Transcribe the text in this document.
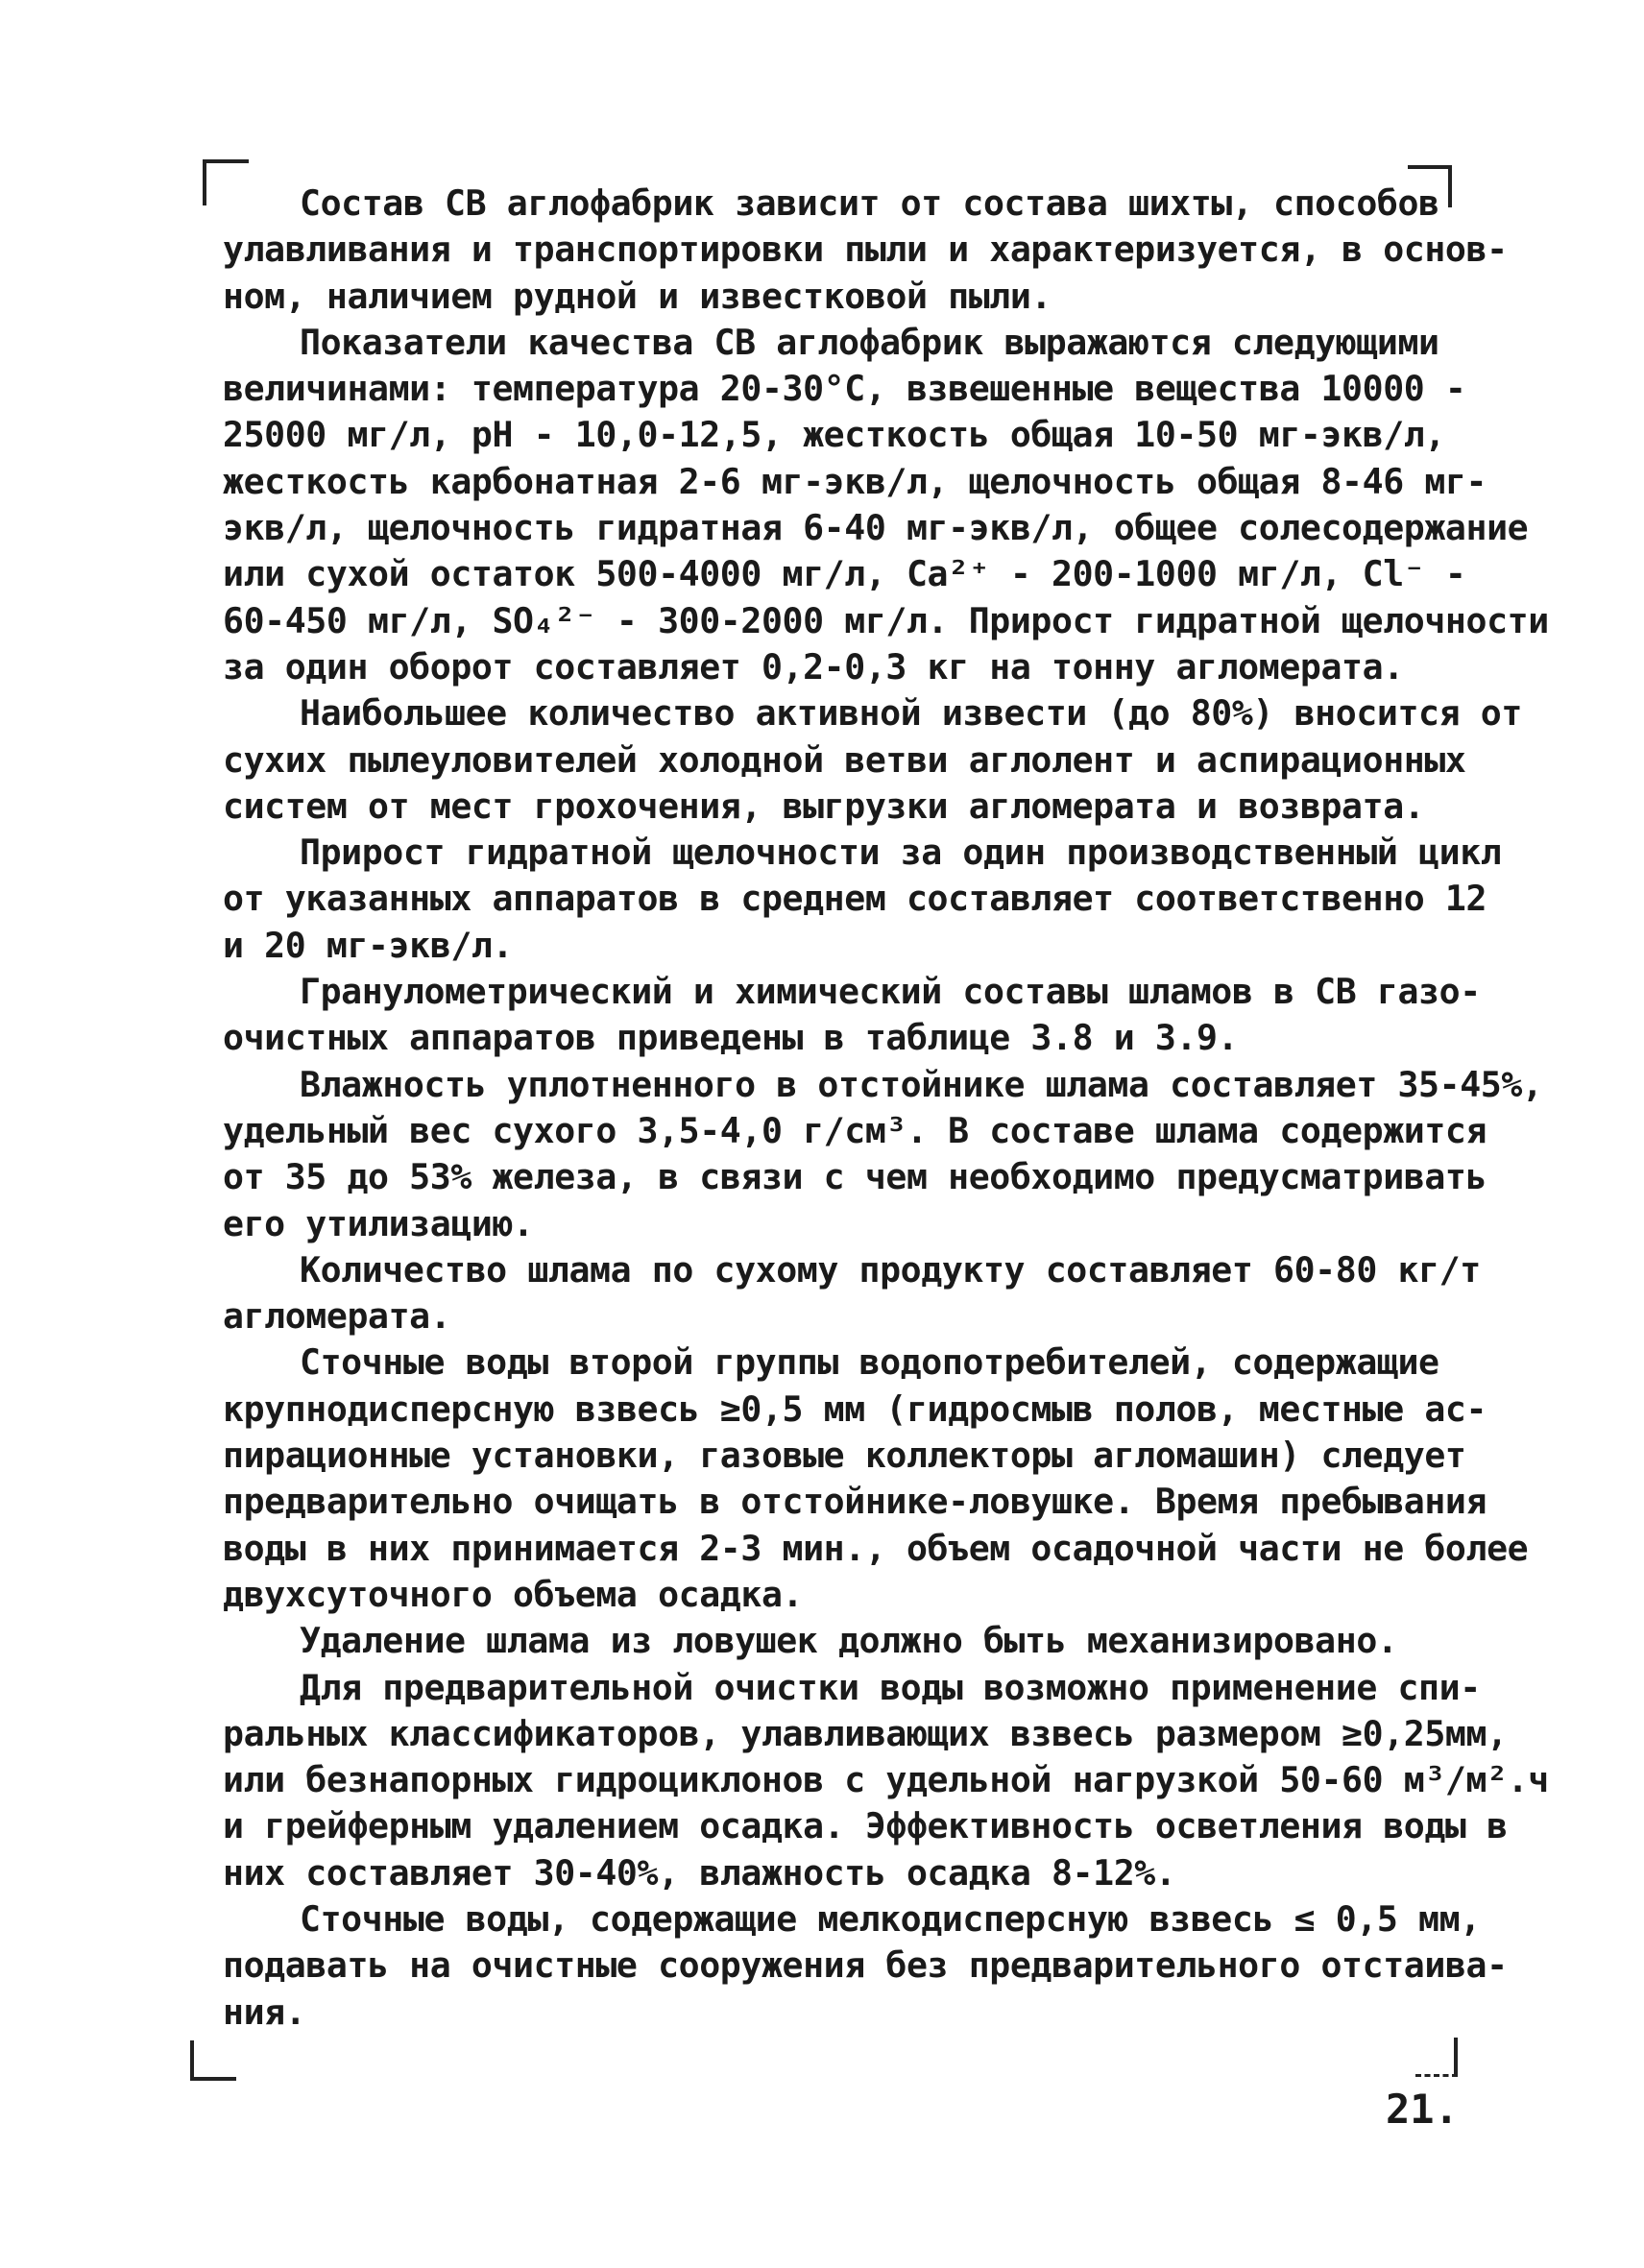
Состав СВ аглофабрик зависит от состава шихты, способов
улавливания и транспортировки пыли и характеризуется, в основ-
ном, наличием рудной и известковой пыли.
Показатели качества СВ аглофабрик выражаются следующими
величинами: температура 20-30°С, взвешенные вещества 10000 -
25000 мг/л, рН - 10,0-12,5, жесткость общая 10-50 мг-экв/л,
жесткость карбонатная 2-6 мг-экв/л, щелочность общая 8-46 мг-
экв/л, щелочность гидратная 6-40 мг-экв/л, общее солесодержание
или сухой остаток 500-4000 мг/л, Са²⁺ - 200-1000 мг/л, Сl⁻ -
60-450 мг/л, SO₄²⁻ - 300-2000 мг/л. Прирост гидратной щелочности
за один оборот составляет 0,2-0,3 кг на тонну агломерата.
Наибольшее количество активной извести (до 80%) вносится от
сухих пылеуловителей холодной ветви аглолент и аспирационных
систем от мест грохочения, выгрузки агломерата и возврата.
Прирост гидратной щелочности за один производственный цикл
от указанных аппаратов в среднем составляет соответственно 12
и 20 мг-экв/л.
Гранулометрический и химический составы шламов в СВ газо-
очистных аппаратов приведены в таблице 3.8 и 3.9.
Влажность уплотненного в отстойнике шлама составляет 35-45%,
удельный вес сухого 3,5-4,0 г/см³. В составе шлама содержится
от 35 до 53% железа, в связи с чем необходимо предусматривать
его утилизацию.
Количество шлама по сухому продукту составляет 60-80 кг/т
агломерата.
Сточные воды второй группы водопотребителей, содержащие
крупнодисперсную взвесь ≥0,5 мм (гидросмыв полов, местные ас-
пирационные установки, газовые коллекторы агломашин) следует
предварительно очищать в отстойнике-ловушке. Время пребывания
воды в них принимается 2-3 мин., объем осадочной части не более
двухсуточного объема осадка.
Удаление шлама из ловушек должно быть механизировано.
Для предварительной очистки воды возможно применение спи-
ральных классификаторов, улавливающих взвесь размером ≥0,25мм,
или безнапорных гидроциклонов с удельной нагрузкой 50-60 м³/м².ч
и грейферным удалением осадка. Эффективность осветления воды в
них составляет 30-40%, влажность осадка 8-12%.
Сточные воды, содержащие мелкодисперсную взвесь ≤ 0,5 мм,
подавать на очистные сооружения без предварительного отстаива-
ния.
21.
